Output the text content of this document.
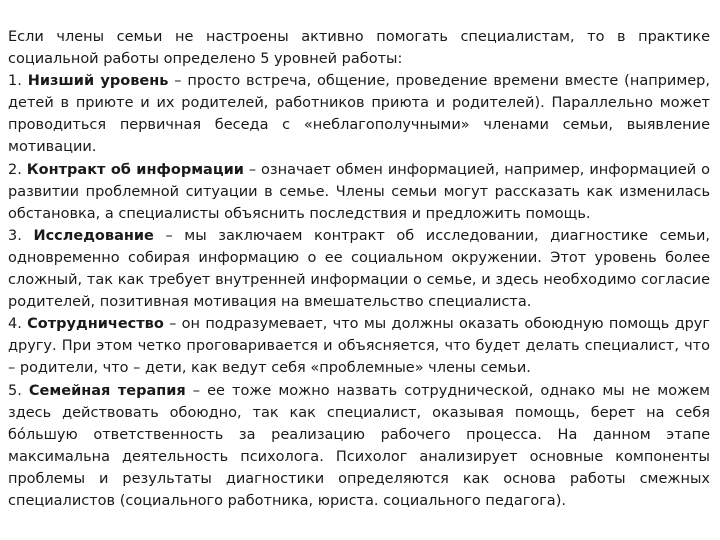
Если члены семьи не настроены активно помогать специалистам, то в практике социальной работы определено 5 уровней работы:

1. Низший уровень – просто встреча, общение, проведение времени вместе (например, детей в приюте и их родителей, работников приюта и родителей). Параллельно может проводиться первичная беседа с «неблагополучными» членами семьи, выявление мотивации.

2. Контракт об информации – означает обмен информацией, например, информацией о развитии проблемной ситуации в семье. Члены семьи могут рассказать как изменилась обстановка, а специалисты объяснить последствия и предложить помощь.

3. Исследование – мы заключаем контракт об исследовании, диагностике семьи, одновременно собирая информацию о ее социальном окружении. Этот уровень более сложный, так как требует внутренней информации о семье, и здесь необходимо согласие родителей, позитивная мотивация на вмешательство специалиста.

4. Сотрудничество – он подразумевает, что мы должны оказать обоюдную помощь друг другу. При этом четко проговаривается и объясняется, что будет делать специалист, что – родители, что – дети, как ведут себя «проблемные» члены семьи.

5. Семейная терапия – ее тоже можно назвать сотруднической, однако мы не можем здесь действовать обоюдно, так как специалист, оказывая помощь, берет на себя бóльшую ответственность за реализацию рабочего процесса. На данном этапе максимальна деятельность психолога. Психолог анализирует основные компоненты проблемы и результаты диагностики определяются как основа работы смежных специалистов (социального работника, юриста. социального педагога).
